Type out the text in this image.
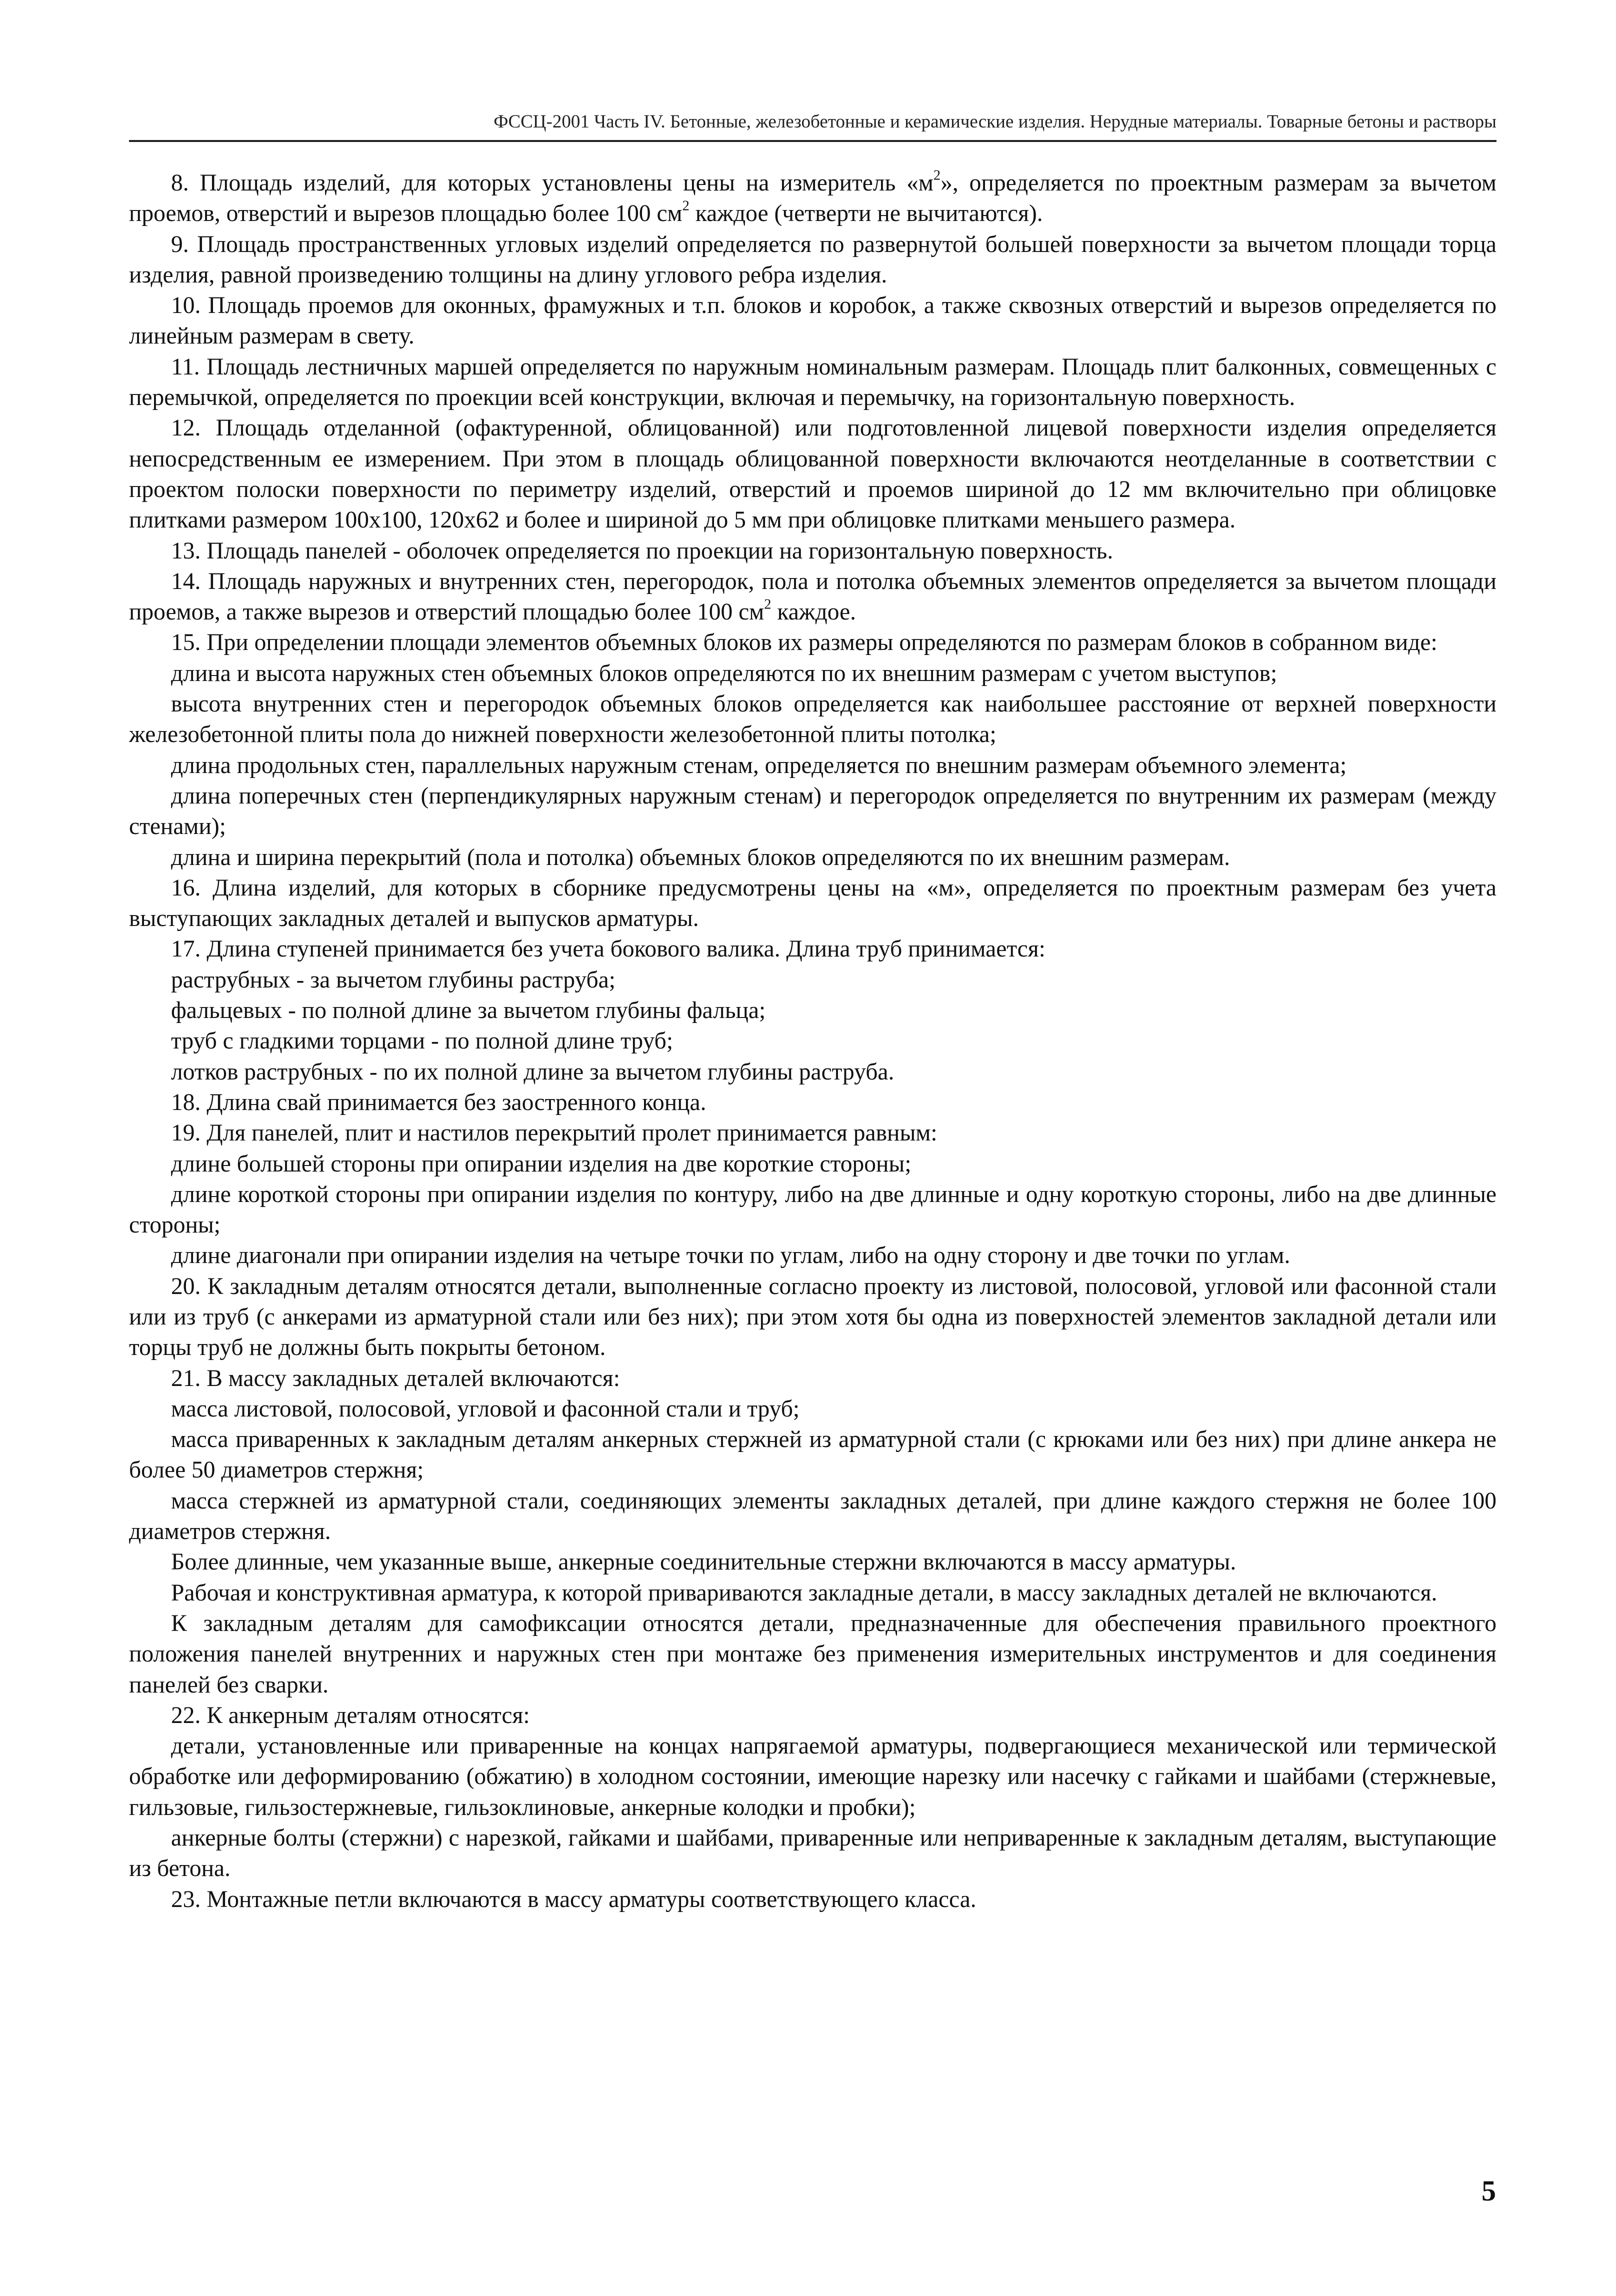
ФССЦ-2001 Часть IV. Бетонные, железобетонные и керамические изделия. Нерудные материалы. Товарные бетоны и растворы

8. Площадь изделий, для которых установлены цены на измеритель «$м^2$», определяется по проектным размерам за вычетом проемов, отверстий и вырезов площадью более 100 $см^2$ каждое (четверти не вычитаются).

9. Площадь пространственных угловых изделий определяется по развернутой большей поверхности за вычетом площади торца изделия, равной произведению толщины на длину углового ребра изделия.

10. Площадь проемов для оконных, фрамужных и т.п. блоков и коробок, а также сквозных отверстий и вырезов определяется по линейным размерам в свету.

11. Площадь лестничных маршей определяется по наружным номинальным размерам. Площадь плит балконных, совмещенных с перемычкой, определяется по проекции всей конструкции, включая и перемычку, на горизонтальную поверхность.

12. Площадь отделанной (офактуренной, облицованной) или подготовленной лицевой поверхности изделия определяется непосредственным ее измерением. При этом в площадь облицованной поверхности включаются неотделанные в соответствии с проектом полоски поверхности по периметру изделий, отверстий и проемов шириной до 12 мм включительно при облицовке плитками размером 100х100, 120х62 и более и шириной до 5 мм при облицовке плитками меньшего размера.

13. Площадь панелей - оболочек определяется по проекции на горизонтальную поверхность.

14. Площадь наружных и внутренних стен, перегородок, пола и потолка объемных элементов определяется за вычетом площади проемов, а также вырезов и отверстий площадью более 100 $см^2$ каждое.

15. При определении площади элементов объемных блоков их размеры определяются по размерам блоков в собранном виде:

длина и высота наружных стен объемных блоков определяются по их внешним размерам с учетом выступов;

высота внутренних стен и перегородок объемных блоков определяется как наибольшее расстояние от верхней поверхности железобетонной плиты пола до нижней поверхности железобетонной плиты потолка;

длина продольных стен, параллельных наружным стенам, определяется по внешним размерам объемного элемента;

длина поперечных стен (перпендикулярных наружным стенам) и перегородок определяется по внутренним их размерам (между стенами);

длина и ширина перекрытий (пола и потолка) объемных блоков определяются по их внешним размерам.

16. Длина изделий, для которых в сборнике предусмотрены цены на «м», определяется по проектным размерам без учета выступающих закладных деталей и выпусков арматуры.

17. Длина ступеней принимается без учета бокового валика. Длина труб принимается:

раструбных - за вычетом глубины раструба;

фальцевых - по полной длине за вычетом глубины фальца;

труб с гладкими торцами - по полной длине труб;

лотков раструбных - по их полной длине за вычетом глубины раструба.

18. Длина свай принимается без заостренного конца.

19. Для панелей, плит и настилов перекрытий пролет принимается равным:

длине большей стороны при опирании изделия на две короткие стороны;

длине короткой стороны при опирании изделия по контуру, либо на две длинные и одну короткую стороны, либо на две длинные стороны;

длине диагонали при опирании изделия на четыре точки по углам, либо на одну сторону и две точки по углам.

20. К закладным деталям относятся детали, выполненные согласно проекту из листовой, полосовой, угловой или фасонной стали или из труб (с анкерами из арматурной стали или без них); при этом хотя бы одна из поверхностей элементов закладной детали или торцы труб не должны быть покрыты бетоном.

21. В массу закладных деталей включаются:

масса листовой, полосовой, угловой и фасонной стали и труб;

масса приваренных к закладным деталям анкерных стержней из арматурной стали (с крюками или без них) при длине анкера не более 50 диаметров стержня;

масса стержней из арматурной стали, соединяющих элементы закладных деталей, при длине каждого стержня не более 100 диаметров стержня.

Более длинные, чем указанные выше, анкерные соединительные стержни включаются в массу арматуры.

Рабочая и конструктивная арматура, к которой привариваются закладные детали, в массу закладных деталей не включаются.

К закладным деталям для самофиксации относятся детали, предназначенные для обеспечения правильного проектного положения панелей внутренних и наружных стен при монтаже без применения измерительных инструментов и для соединения панелей без сварки.

22. К анкерным деталям относятся:

детали, установленные или приваренные на концах напрягаемой арматуры, подвергающиеся механической или термической обработке или деформированию (обжатию) в холодном состоянии, имеющие нарезку или насечку с гайками и шайбами (стержневые, гильзовые, гильзостержневые, гильзоклиновые, анкерные колодки и пробки);

анкерные болты (стержни) с нарезкой, гайками и шайбами, приваренные или неприваренные к закладным деталям, выступающие из бетона.

23. Монтажные петли включаются в массу арматуры соответствующего класса.

5
